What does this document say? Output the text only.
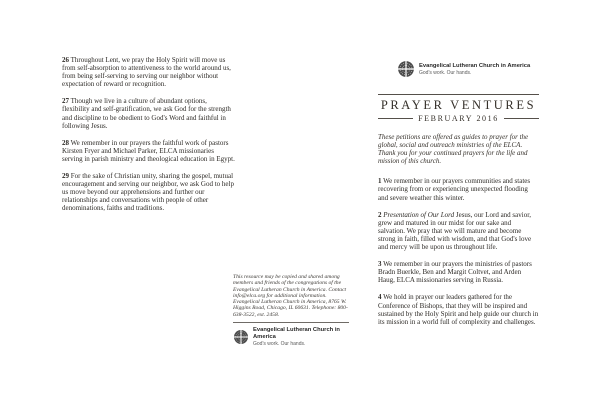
26 Throughout Lent, we pray the Holy Spirit will move us from self-absorption to attentiveness to the world around us, from being self-serving to serving our neighbor without expectation of reward or recognition.

27 Though we live in a culture of abundant options, flexibility and self-gratification, we ask God for the strength and discipline to be obedient to God's Word and faithful in following Jesus.

28 We remember in our prayers the faithful work of pastors Kirsten Fryer and Michael Parker, ELCA missionaries serving in parish ministry and theological education in Egypt.

29 For the sake of Christian unity, sharing the gospel, mutual encouragement and serving our neighbor, we ask God to help us move beyond our apprehensions and further our relationships and conversations with people of other denominations, faiths and traditions.

This resource may be copied and shared among members and friends of the congregations of the Evangelical Lutheran Church in America. Contact info@elca.org for additional information. Evangelical Lutheran Church in America, 8765 W. Higgins Road, Chicago, IL 60631. Telephone: 800-638-3522, ext. 2458.

Evangelical Lutheran Church in America
God's work. Our hands.
Evangelical Lutheran Church in America
God's work. Our hands.
PRAYER VENTURES
FEBRUARY 2016

These petitions are offered as guides to prayer for the global, social and outreach ministries of the ELCA. Thank you for your continued prayers for the life and mission of this church.

1 We remember in our prayers communities and states recovering from or experiencing unexpected flooding and severe weather this winter.

2 Presentation of Our Lord Jesus, our Lord and savior, grew and matured in our midst for our sake and salvation. We pray that we will mature and become strong in faith, filled with wisdom, and that God's love and mercy will be upon us throughout life.

3 We remember in our prayers the ministries of pastors Bradn Buerkle, Ben and Margit Coltvet, and Arden Haug, ELCA missionaries serving in Russia.

4 We hold in prayer our leaders gathered for the Conference of Bishops, that they will be inspired and sustained by the Holy Spirit and help guide our church in its mission in a world full of complexity and challenges.
